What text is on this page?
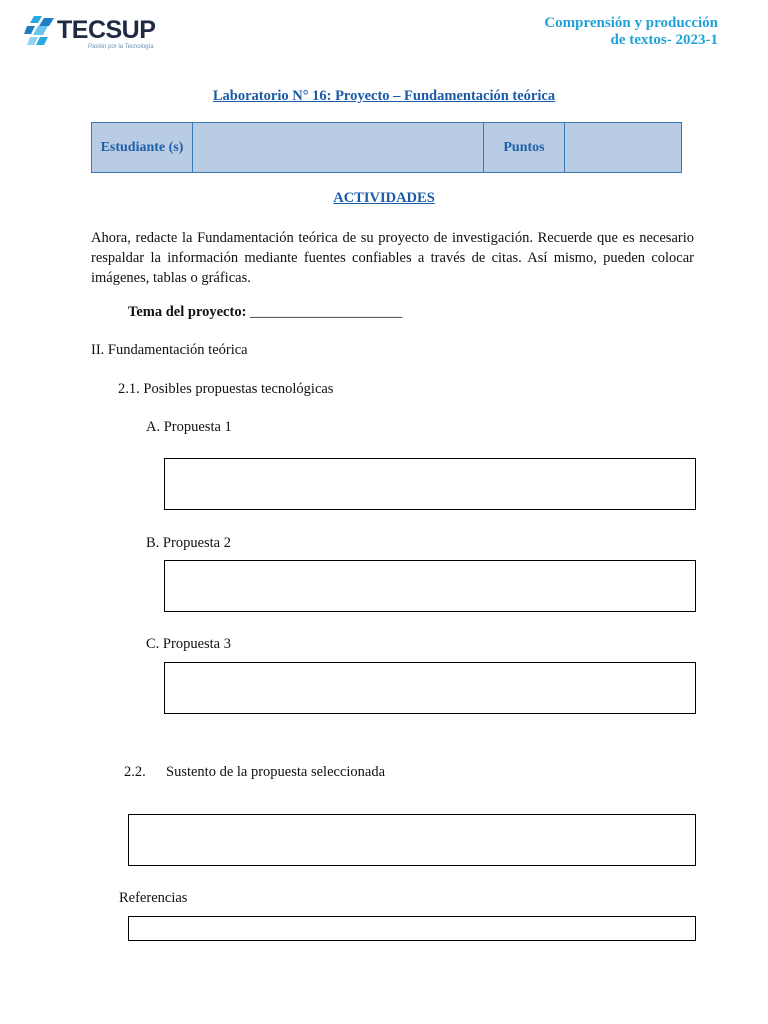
TECSUP
Pasión por la Tecnología
Comprensión y producción
de textos- 2023-1
Laboratorio N° 16: Proyecto – Fundamentación teórica
Estudiante (s)		Puntos	
ACTIVIDADES
Ahora, redacte la Fundamentación teórica de su proyecto de investigación. Recuerde que es necesario respaldar la información mediante fuentes confiables a través de citas. Así mismo, pueden colocar imágenes, tablas o gráficas.
Tema del proyecto: _____________________
II. Fundamentación teórica
2.1. Posibles propuestas tecnológicas
A. Propuesta 1
B. Propuesta 2
C. Propuesta 3
2.2. Sustento de la propuesta seleccionada
Referencias
